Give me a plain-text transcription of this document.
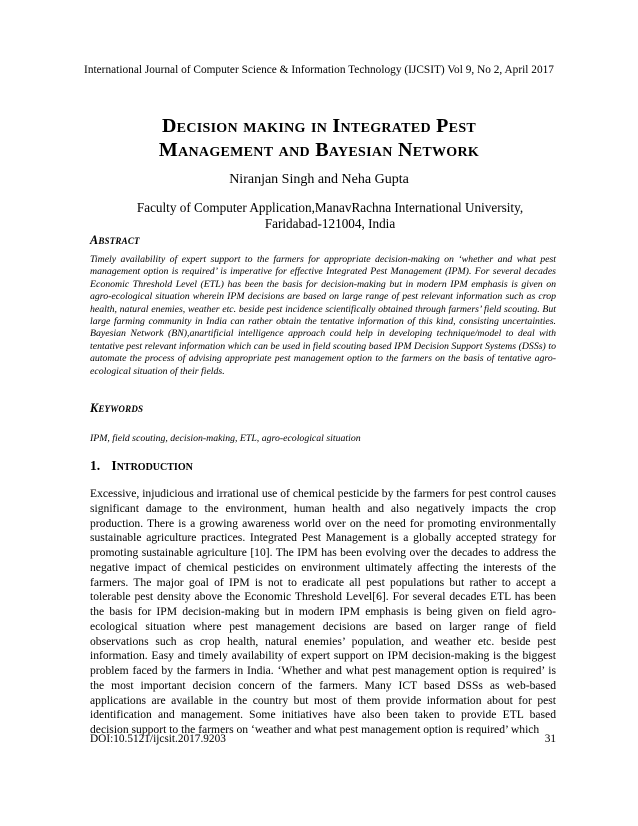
International Journal of Computer Science & Information Technology (IJCSIT) Vol 9, No 2, April 2017
Decision making in Integrated Pest
Management and Bayesian Network
Niranjan Singh and Neha Gupta
Faculty of Computer Application,ManavRachna International University,
Faridabad-121004, India
Abstract
Timely availability of expert support to the farmers for appropriate decision-making on ‘whether and what pest management option is required’ is imperative for effective Integrated Pest Management (IPM). For several decades Economic Threshold Level (ETL) has been the basis for decision-making but in modern IPM emphasis is given on agro-ecological situation wherein IPM decisions are based on large range of pest relevant information such as crop health, natural enemies, weather etc. beside pest incidence scientifically obtained through farmers’ field scouting. But large farming community in India can rather obtain the tentative information of this kind, consisting uncertainties. Bayesian Network (BN),anartificial intelligence approach could help in developing technique/model to deal with tentative pest relevant information which can be used in field scouting based IPM Decision Support Systems (DSSs) to automate the process of advising appropriate pest management option to the farmers on the basis of tentative agro-ecological situation of their fields.
Keywords
IPM, field scouting, decision-making, ETL, agro-ecological situation
1. Introduction
Excessive, injudicious and irrational use of chemical pesticide by the farmers for pest control causes significant damage to the environment, human health and also negatively impacts the crop production. There is a growing awareness world over on the need for promoting environmentally sustainable agriculture practices. Integrated Pest Management is a globally accepted strategy for promoting sustainable agriculture [10]. The IPM has been evolving over the decades to address the negative impact of chemical pesticides on environment ultimately affecting the interests of the farmers. The major goal of IPM is not to eradicate all pest populations but rather to accept a tolerable pest density above the Economic Threshold Level[6]. For several decades ETL has been the basis for IPM decision-making but in modern IPM emphasis is being given on field agro-ecological situation where pest management decisions are based on larger range of field observations such as crop health, natural enemies’ population, and weather etc. beside pest information. Easy and timely availability of expert support on IPM decision-making is the biggest problem faced by the farmers in India. ‘Whether and what pest management option is required’ is the most important decision concern of the farmers. Many ICT based DSSs as web-based applications are available in the country but most of them provide information about for pest identification and management. Some initiatives have also been taken to provide ETL based decision support to the farmers on ‘weather and what pest management option is required’ which
DOI:10.5121/ijcsit.2017.9203	31
